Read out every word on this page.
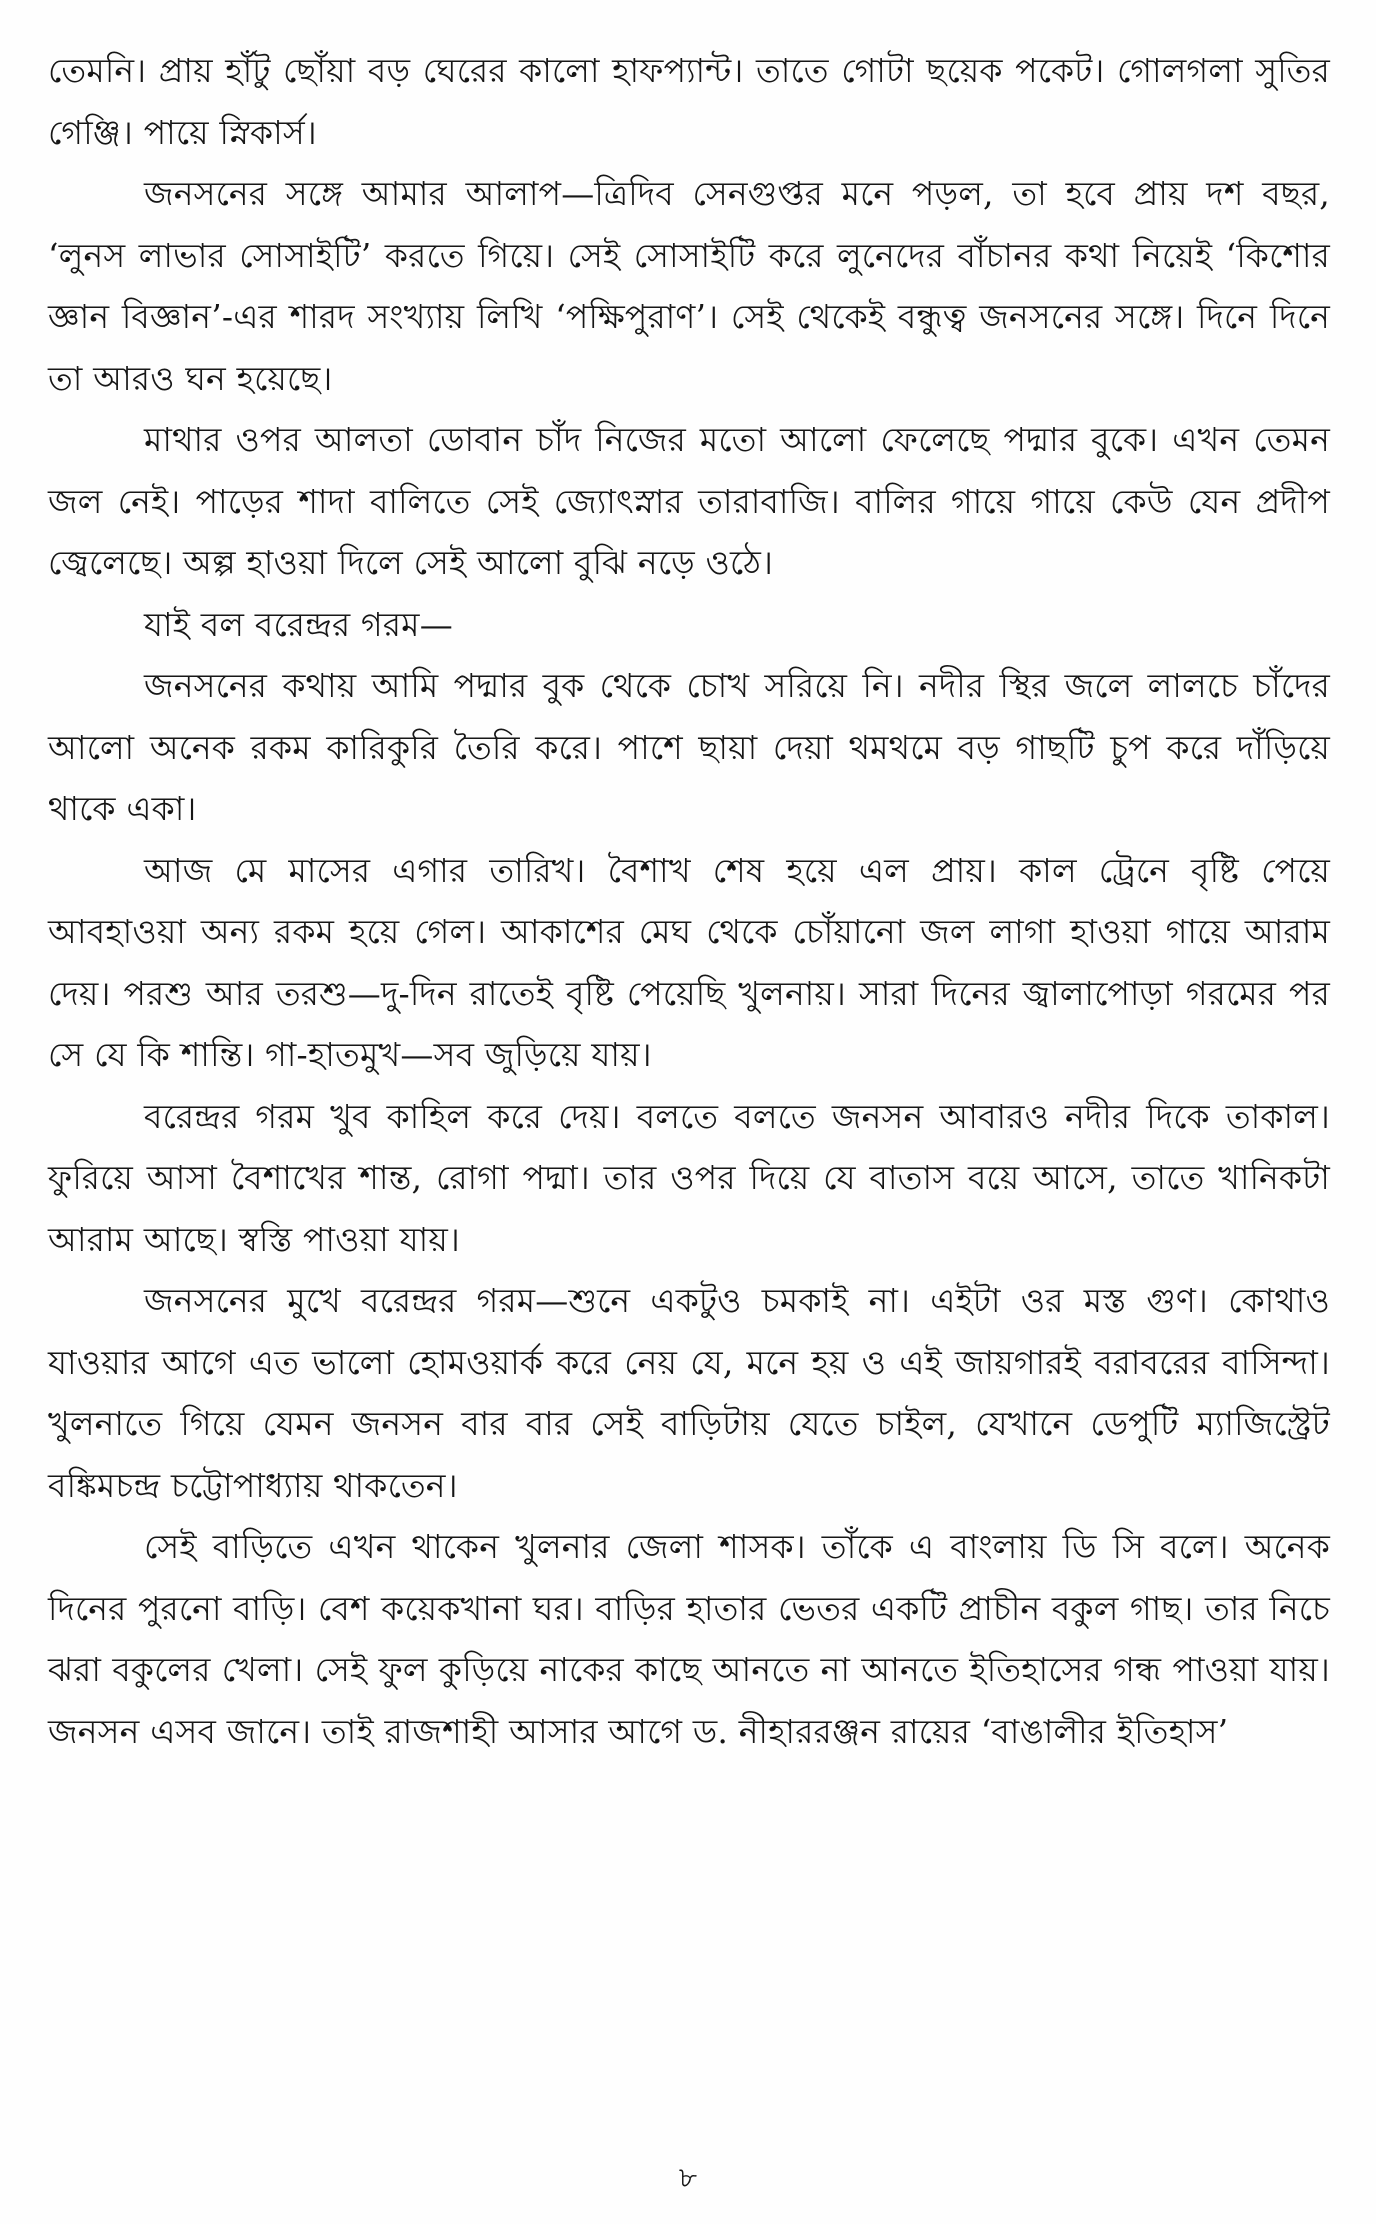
তেমনি। প্রায় হাঁটু ছোঁয়া বড় ঘেরের কালো হাফপ্যান্ট। তাতে গোটা ছয়েক পকেট। গোলগলা সুতির গেঞ্জি। পায়ে স্নিকার্স।

জনসনের সঙ্গে আমার আলাপ—ত্রিদিব সেনগুপ্তর মনে পড়ল, তা হবে প্রায় দশ বছর, ‘লুনস লাভার সোসাইটি’ করতে গিয়ে। সেই সোসাইটি করে লুনেদের বাঁচানর কথা নিয়েই ‘কিশোর জ্ঞান বিজ্ঞান’-এর শারদ সংখ্যায় লিখি ‘পক্ষিপুরাণ’। সেই থেকেই বন্ধুত্ব জনসনের সঙ্গে। দিনে দিনে তা আরও ঘন হয়েছে।

মাথার ওপর আলতা ডোবান চাঁদ নিজের মতো আলো ফেলেছে পদ্মার বুকে। এখন তেমন জল নেই। পাড়ের শাদা বালিতে সেই জ্যোৎস্নার তারাবাজি। বালির গায়ে গায়ে কেউ যেন প্রদীপ জ্বেলেছে। অল্প হাওয়া দিলে সেই আলো বুঝি নড়ে ওঠে।

যাই বল বরেন্দ্রর গরম—

জনসনের কথায় আমি পদ্মার বুক থেকে চোখ সরিয়ে নি। নদীর স্থির জলে লালচে চাঁদের আলো অনেক রকম কারিকুরি তৈরি করে। পাশে ছায়া দেয়া থমথমে বড় গাছটি চুপ করে দাঁড়িয়ে থাকে একা।

আজ মে মাসের এগার তারিখ। বৈশাখ শেষ হয়ে এল প্রায়। কাল ট্রেনে বৃষ্টি পেয়ে আবহাওয়া অন্য রকম হয়ে গেল। আকাশের মেঘ থেকে চোঁয়ানো জল লাগা হাওয়া গায়ে আরাম দেয়। পরশু আর তরশু—দু-দিন রাতেই বৃষ্টি পেয়েছি খুলনায়। সারা দিনের জ্বালাপোড়া গরমের পর সে যে কি শান্তি। গা-হাতমুখ—সব জুড়িয়ে যায়।

বরেন্দ্রর গরম খুব কাহিল করে দেয়। বলতে বলতে জনসন আবারও নদীর দিকে তাকাল। ফুরিয়ে আসা বৈশাখের শান্ত, রোগা পদ্মা। তার ওপর দিয়ে যে বাতাস বয়ে আসে, তাতে খানিকটা আরাম আছে। স্বস্তি পাওয়া যায়।

জনসনের মুখে বরেন্দ্রর গরম—শুনে একটুও চমকাই না। এইটা ওর মস্ত গুণ। কোথাও যাওয়ার আগে এত ভালো হোমওয়ার্ক করে নেয় যে, মনে হয় ও এই জায়গারই বরাবরের বাসিন্দা। খুলনাতে গিয়ে যেমন জনসন বার বার সেই বাড়িটায় যেতে চাইল, যেখানে ডেপুটি ম্যাজিস্ট্রেট বঙ্কিমচন্দ্র চট্টোপাধ্যায় থাকতেন।

সেই বাড়িতে এখন থাকেন খুলনার জেলা শাসক। তাঁকে এ বাংলায় ডি সি বলে। অনেক দিনের পুরনো বাড়ি। বেশ কয়েকখানা ঘর। বাড়ির হাতার ভেতর একটি প্রাচীন বকুল গাছ। তার নিচে ঝরা বকুলের খেলা। সেই ফুল কুড়িয়ে নাকের কাছে আনতে না আনতে ইতিহাসের গন্ধ পাওয়া যায়। জনসন এসব জানে। তাই রাজশাহী আসার আগে ড. নীহাররঞ্জন রায়ের ‘বাঙালীর ইতিহাস’

৮
